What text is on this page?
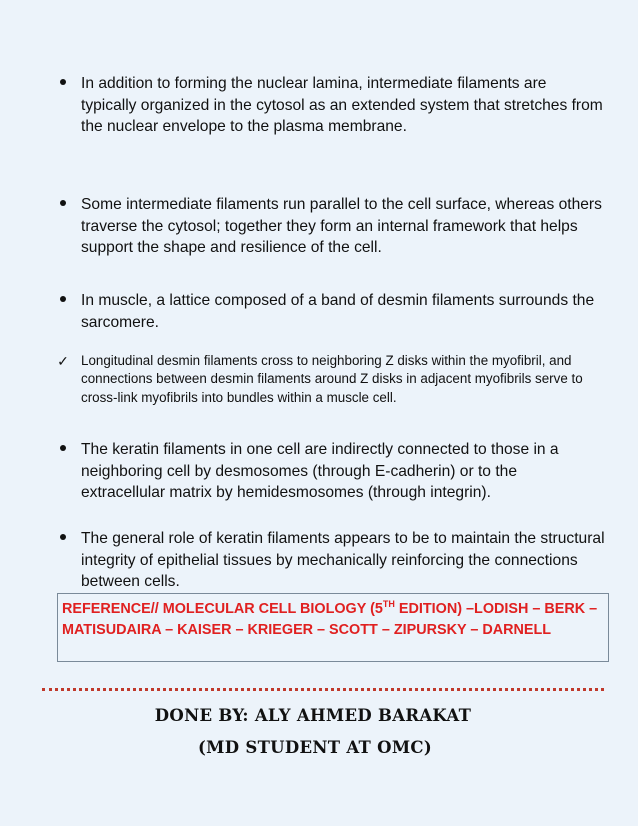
In addition to forming the nuclear lamina, intermediate filaments are typically organized in the cytosol as an extended system that stretches from the nuclear envelope to the plasma membrane.
Some intermediate filaments run parallel to the cell surface, whereas others traverse the cytosol; together they form an internal framework that helps support the shape and resilience of the cell.
In muscle, a lattice composed of a band of desmin filaments surrounds the sarcomere.
✓ Longitudinal desmin filaments cross to neighboring Z disks within the myofibril, and connections between desmin filaments around Z disks in adjacent myofibrils serve to cross-link myofibrils into bundles within a muscle cell.
The keratin filaments in one cell are indirectly connected to those in a neighboring cell by desmosomes (through E-cadherin) or to the extracellular matrix by hemidesmosomes (through integrin).
The general role of keratin filaments appears to be to maintain the structural integrity of epithelial tissues by mechanically reinforcing the connections between cells.
REFERENCE// MOLECULAR CELL BIOLOGY (5TH EDITION) –LODISH – BERK – MATISUDAIRA – KAISER – KRIEGER – SCOTT – ZIPURSKY – DARNELL
DONE BY: ALY AHMED BARAKAT
(MD STUDENT AT OMC)
